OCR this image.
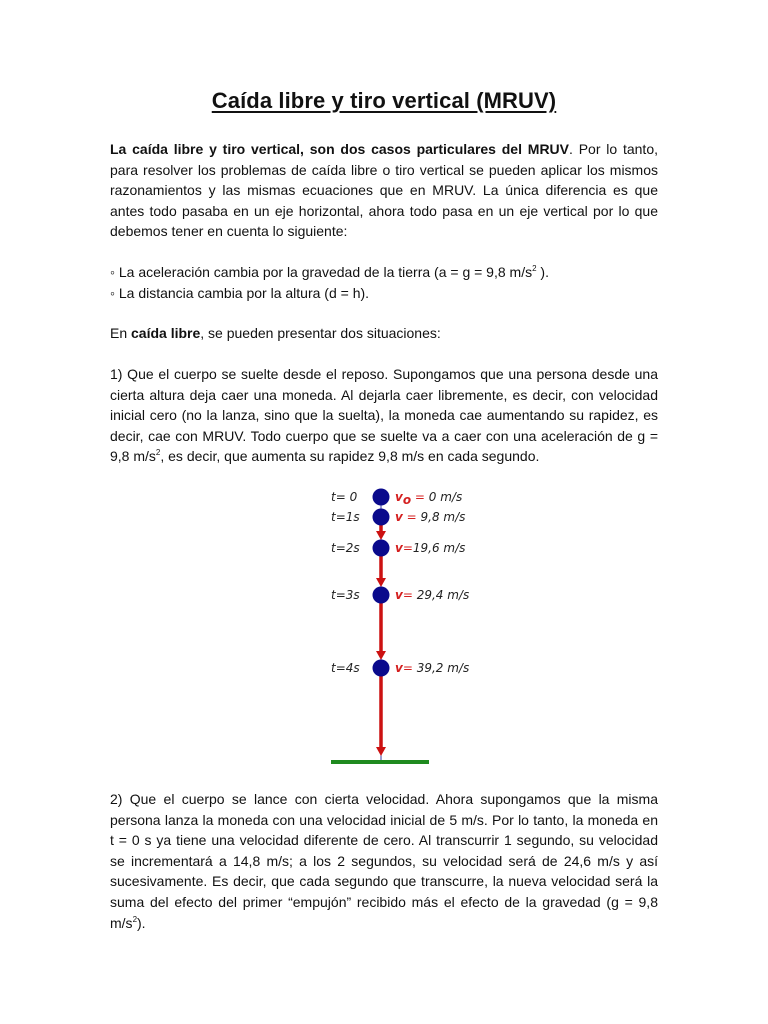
Caída libre y tiro vertical (MRUV)

La caída libre y tiro vertical, son dos casos particulares del MRUV. Por lo tanto, para resolver los problemas de caída libre o tiro vertical se pueden aplicar los mismos razonamientos y las mismas ecuaciones que en MRUV. La única diferencia es que antes todo pasaba en un eje horizontal, ahora todo pasa en un eje vertical por lo que debemos tener en cuenta lo siguiente:

◦ La aceleración cambia por la gravedad de la tierra (a = g = 9,8 $m/s^2$ ).

◦ La distancia cambia por la altura (d = h).

En caída libre, se pueden presentar dos situaciones:

1) Que el cuerpo se suelte desde el reposo. Supongamos que una persona desde una cierta altura deja caer una moneda. Al dejarla caer libremente, es decir, con velocidad inicial cero (no la lanza, sino que la suelta), la moneda cae aumentando su rapidez, es decir, cae con MRUV. Todo cuerpo que se suelte va a caer con una aceleración de g = 9,8 $m/s^2$, es decir, que aumenta su rapidez 9,8 m/s en cada segundo.

t= 0	vo = 0 m/s
t=1s	v = 9,8 m/s
t=2s	v=19,6 m/s
t=3s	v= 29,4 m/s
t=4s	v= 39,2 m/s

2) Que el cuerpo se lance con cierta velocidad. Ahora supongamos que la misma persona lanza la moneda con una velocidad inicial de 5 m/s. Por lo tanto, la moneda en t = 0 s ya tiene una velocidad diferente de cero. Al transcurrir 1 segundo, su velocidad se incrementará a 14,8 m/s; a los 2 segundos, su velocidad será de 24,6 m/s y así sucesivamente. Es decir, que cada segundo que transcurre, la nueva velocidad será la suma del efecto del primer “empujón” recibido más el efecto de la gravedad (g = 9,8 $m/s^2$).
